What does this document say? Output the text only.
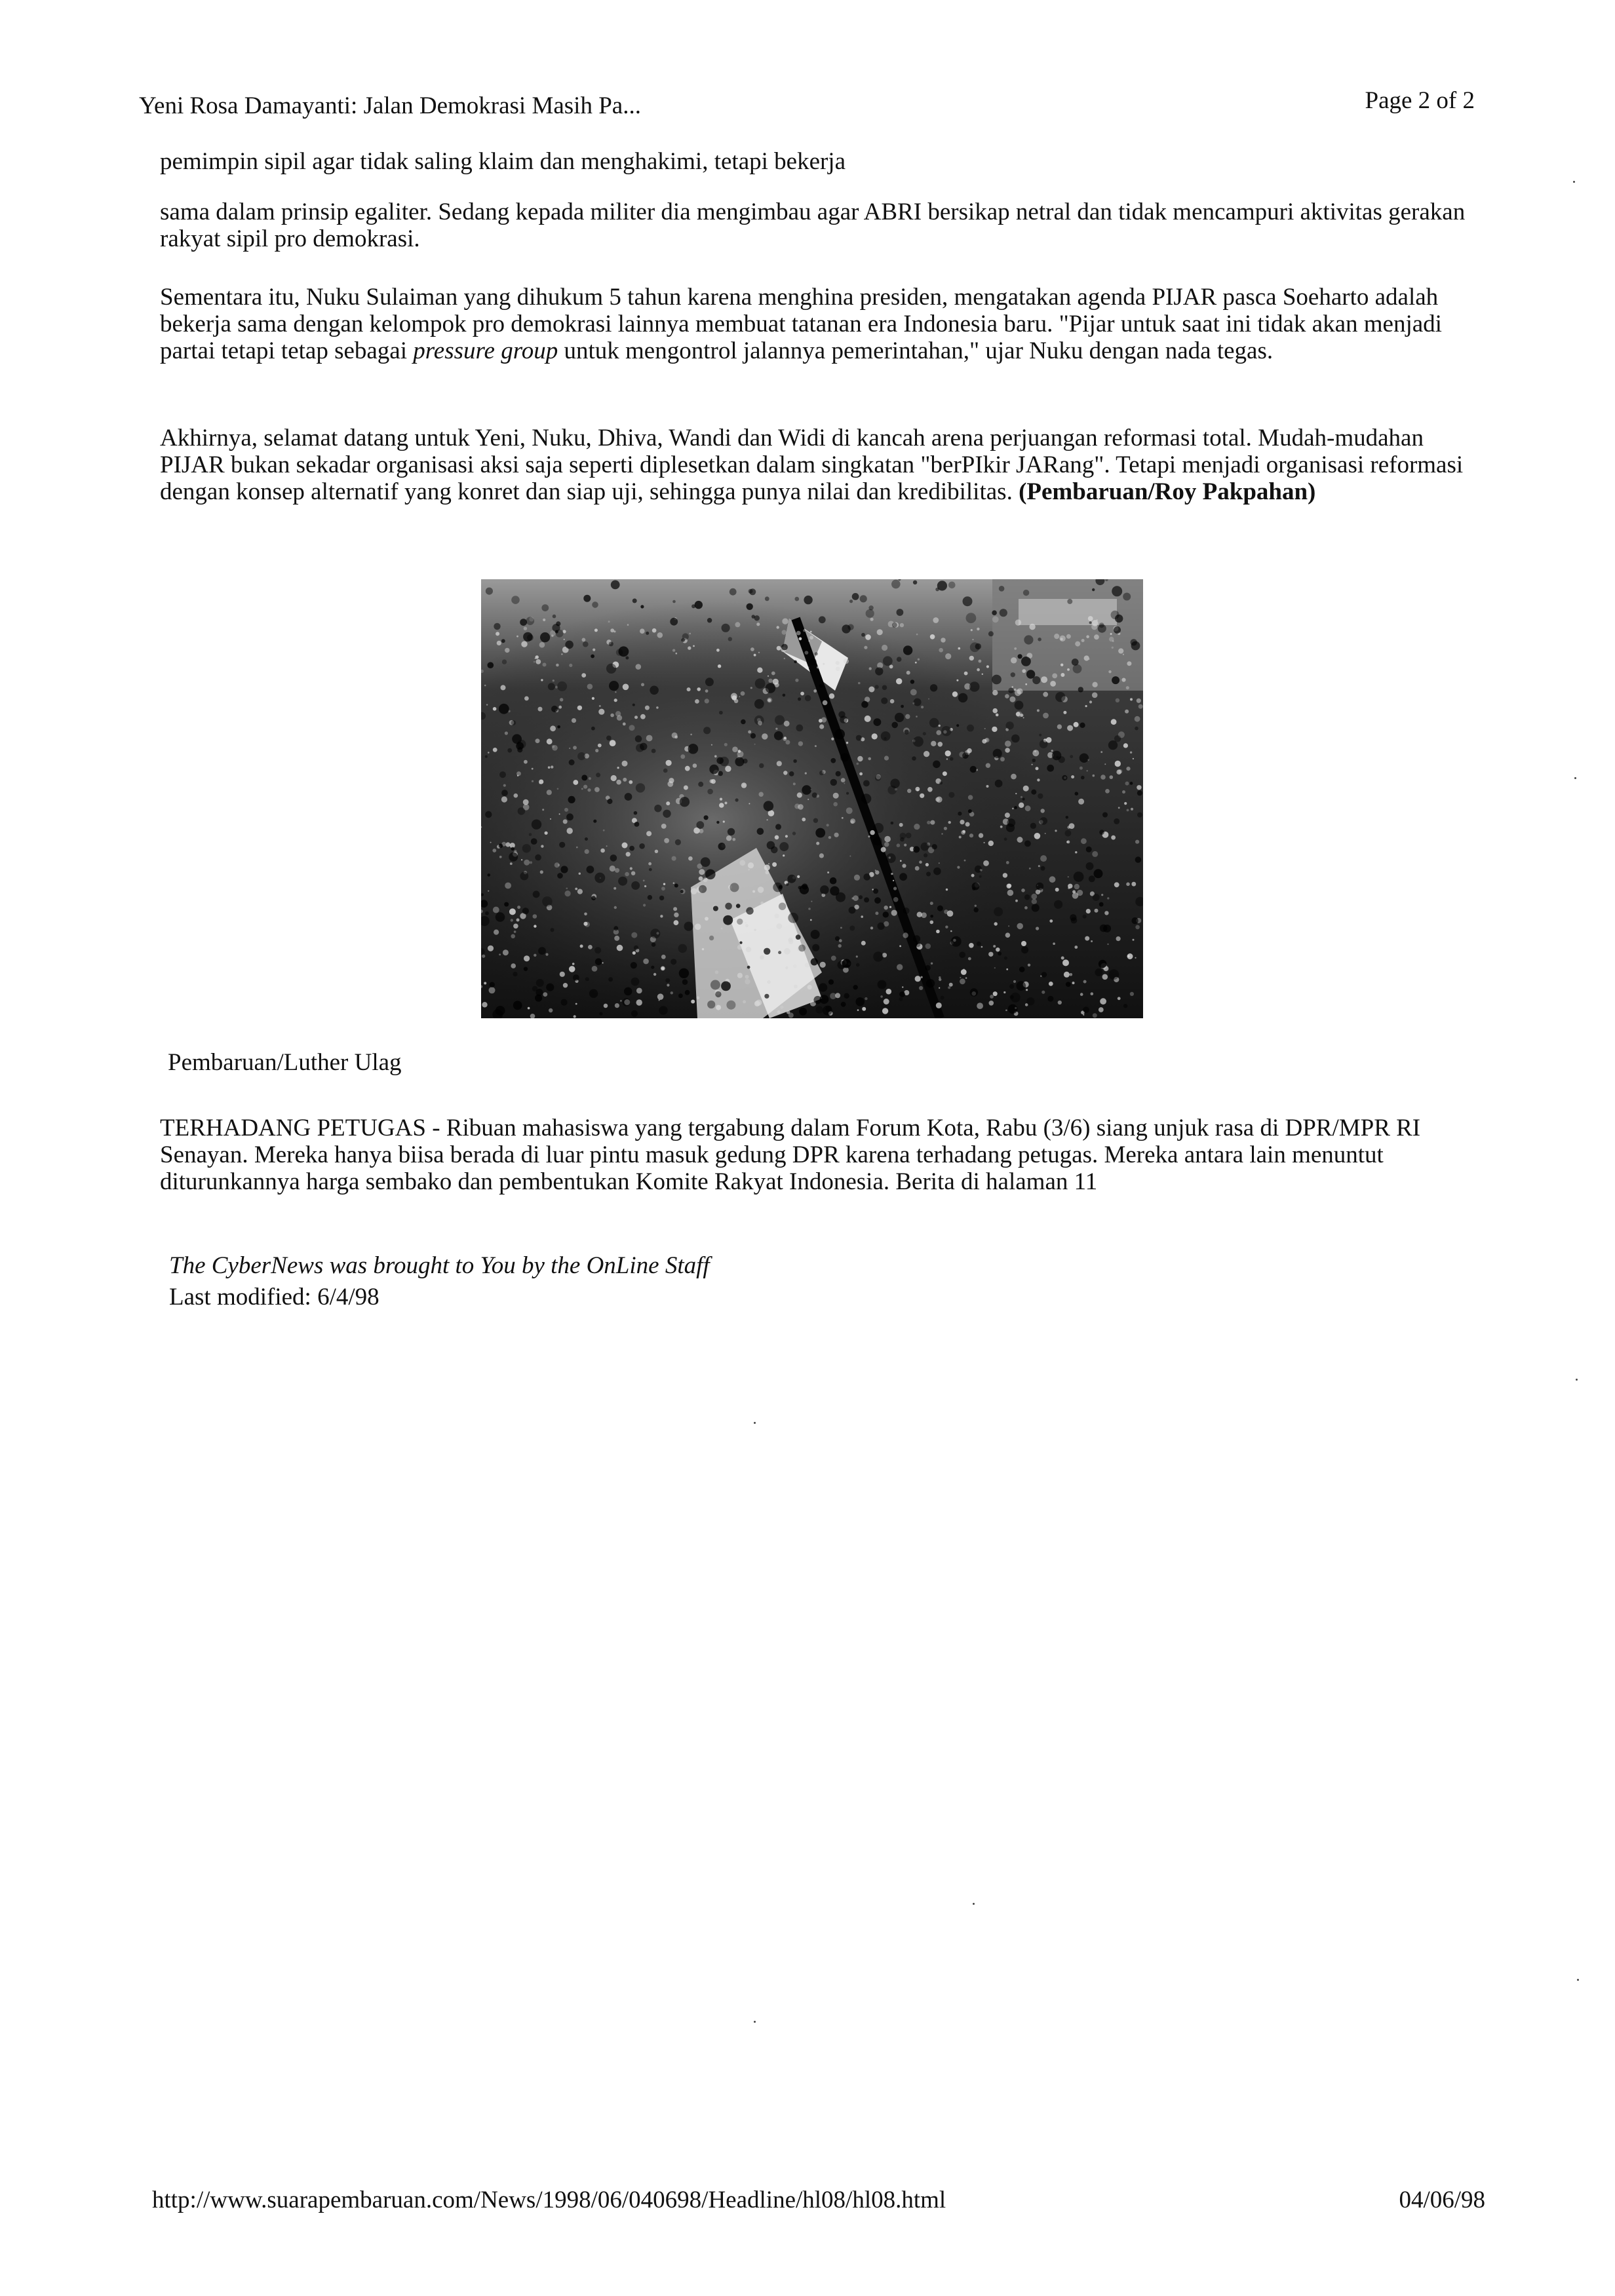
Yeni Rosa Damayanti: Jalan Demokrasi Masih Pa...	Page 2 of 2

pemimpin sipil agar tidak saling klaim dan menghakimi, tetapi bekerja

sama dalam prinsip egaliter. Sedang kepada militer dia mengimbau agar ABRI bersikap netral dan tidak mencampuri aktivitas gerakan rakyat sipil pro demokrasi.

Sementara itu, Nuku Sulaiman yang dihukum 5 tahun karena menghina presiden, mengatakan agenda PIJAR pasca Soeharto adalah bekerja sama dengan kelompok pro demokrasi lainnya membuat tatanan era Indonesia baru. "Pijar untuk saat ini tidak akan menjadi partai tetapi tetap sebagai pressure group untuk mengontrol jalannya pemerintahan," ujar Nuku dengan nada tegas.

Akhirnya, selamat datang untuk Yeni, Nuku, Dhiva, Wandi dan Widi di kancah arena perjuangan reformasi total. Mudah-mudahan PIJAR bukan sekadar organisasi aksi saja seperti diplesetkan dalam singkatan "berPIkir JARang". Tetapi menjadi organisasi reformasi dengan konsep alternatif yang konret dan siap uji, sehingga punya nilai dan kredibilitas. (Pembaruan/Roy Pakpahan)

Pembaruan/Luther Ulag

TERHADANG PETUGAS - Ribuan mahasiswa yang tergabung dalam Forum Kota, Rabu (3/6) siang unjuk rasa di DPR/MPR RI Senayan. Mereka hanya biisa berada di luar pintu masuk gedung DPR karena terhadang petugas. Mereka antara lain menuntut diturunkannya harga sembako dan pembentukan Komite Rakyat Indonesia. Berita di halaman 11

The CyberNews was brought to You by the OnLine Staff
Last modified: 6/4/98
http://www.suarapembaruan.com/News/1998/06/040698/Headline/hl08/hl08.html	04/06/98
